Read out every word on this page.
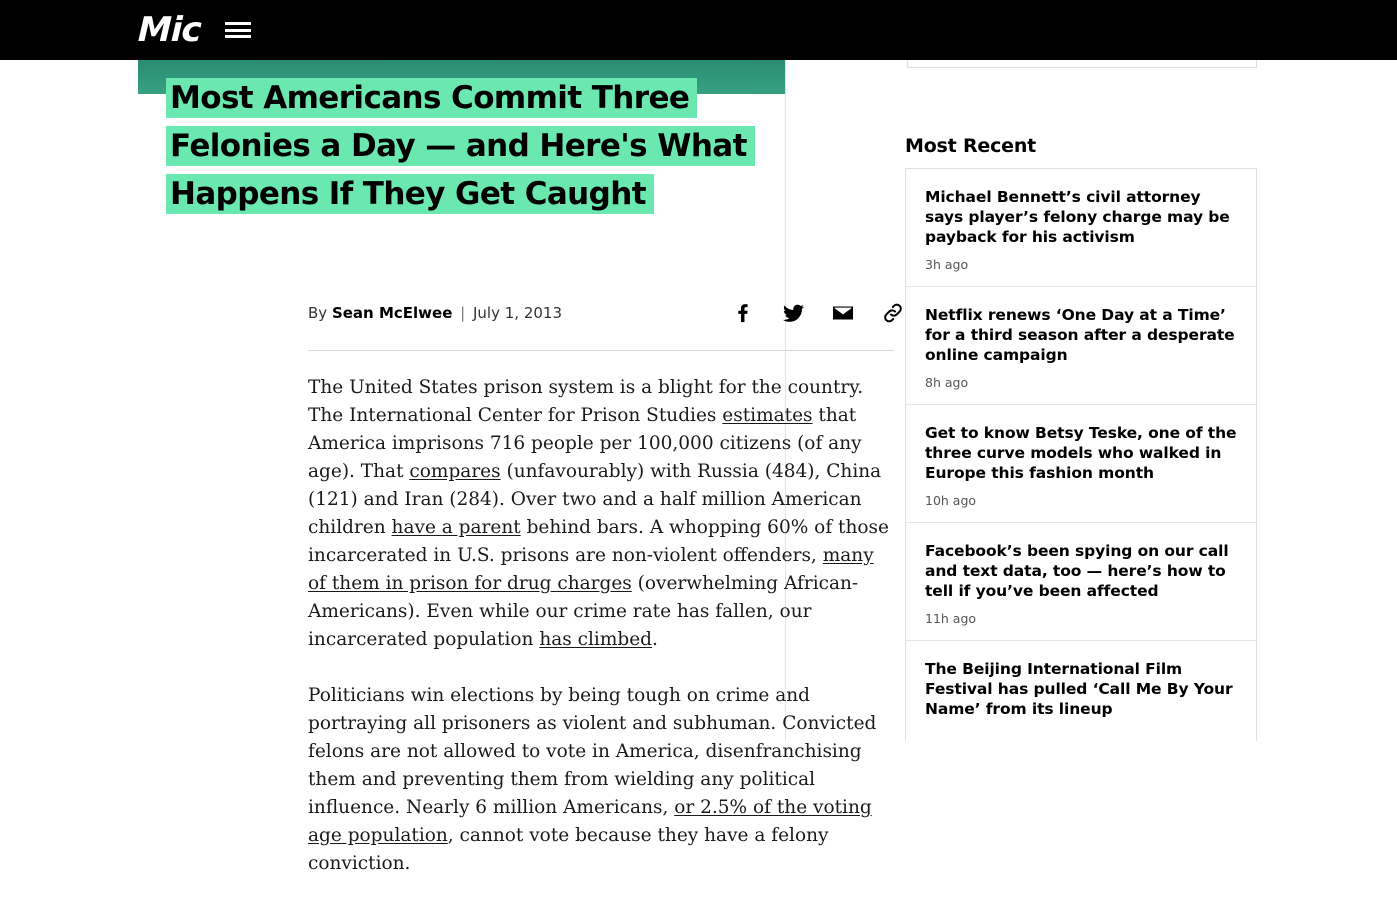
Mic
Most Americans Commit Three
Felonies a Day — and Here's What
Happens If They Get Caught
By Sean McElwee | July 1, 2013

The United States prison system is a blight for the country. The International Center for Prison Studies estimates that America imprisons 716 people per 100,000 citizens (of any age). That compares (unfavourably) with Russia (484), China (121) and Iran (284). Over two and a half million American children have a parent behind bars. A whopping 60% of those incarcerated in U.S. prisons are non-violent offenders, many of them in prison for drug charges (overwhelming African-Americans). Even while our crime rate has fallen, our incarcerated population has climbed.

Politicians win elections by being tough on crime and portraying all prisoners as violent and subhuman. Convicted felons are not allowed to vote in America, disenfranchising them and preventing them from wielding any political influence. Nearly 6 million Americans, or 2.5% of the voting age population, cannot vote because they have a felony conviction.

Most Recent
Michael Bennett’s civil attorney says player’s felony charge may be payback for his activism
3h ago
Netflix renews ‘One Day at a Time’ for a third season after a desperate online campaign
8h ago
Get to know Betsy Teske, one of the three curve models who walked in Europe this fashion month
10h ago
Facebook’s been spying on our call and text data, too — here’s how to tell if you’ve been affected
11h ago
The Beijing International Film Festival has pulled ‘Call Me By Your Name’ from its lineup
